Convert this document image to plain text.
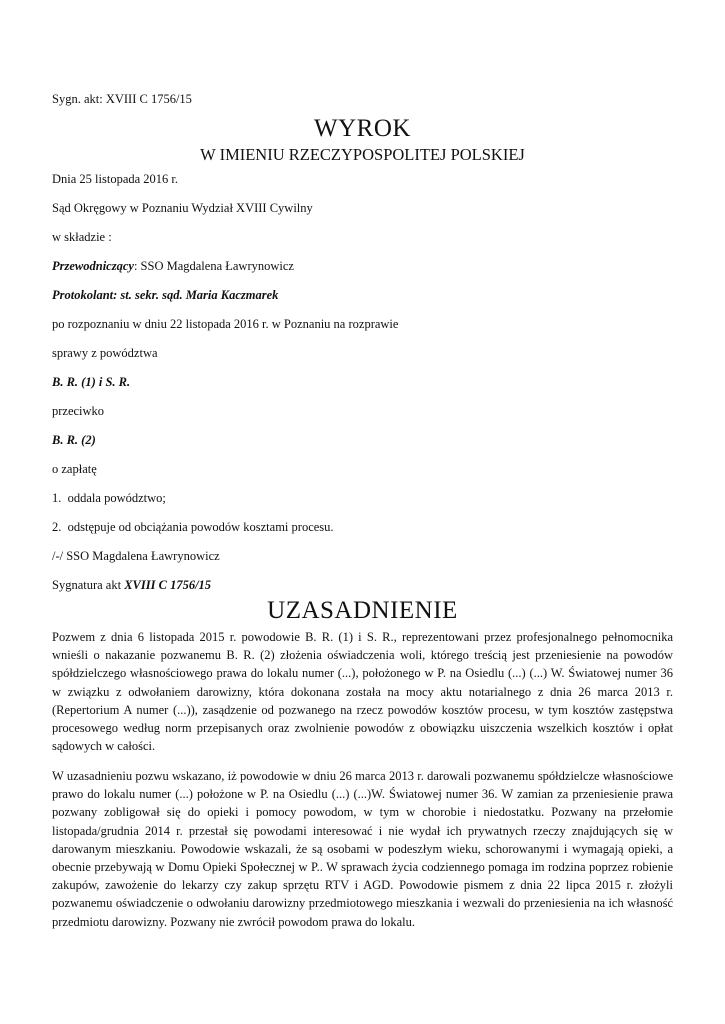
Sygn. akt: XVIII C 1756/15
WYROK
W IMIENIU RZECZYPOSPOLITEJ POLSKIEJ
Dnia 25 listopada 2016 r.
Sąd Okręgowy w Poznaniu Wydział XVIII Cywilny
w składzie :
Przewodniczący: SSO Magdalena Ławrynowicz
Protokolant: st. sekr. sąd. Maria Kaczmarek
po rozpoznaniu w dniu 22 listopada 2016 r. w Poznaniu na rozprawie
sprawy z powództwa
B. R. (1) i S. R.
przeciwko
B. R. (2)
o zapłatę
1.  oddala powództwo;
2.  odstępuje od obciążania powodów kosztami procesu.
/-/ SSO Magdalena Ławrynowicz
Sygnatura akt XVIII C 1756/15
UZASADNIENIE
Pozwem z dnia 6 listopada 2015 r. powodowie B. R. (1) i S. R., reprezentowani przez profesjonalnego pełnomocnika wnieśli o nakazanie pozwanemu B. R. (2) złożenia oświadczenia woli, którego treścią jest przeniesienie na powodów spółdzielczego własnościowego prawa do lokalu numer (...), położonego w P. na Osiedlu (...) (...) W. Światowej numer 36 w związku z odwołaniem darowizny, która dokonana została na mocy aktu notarialnego z dnia 26 marca 2013 r. (Repertorium A numer (...)), zasądzenie od pozwanego na rzecz powodów kosztów procesu, w tym kosztów zastępstwa procesowego według norm przepisanych oraz zwolnienie powodów z obowiązku uiszczenia wszelkich kosztów i opłat sądowych w całości.
W uzasadnieniu pozwu wskazano, iż powodowie w dniu 26 marca 2013 r. darowali pozwanemu spółdzielcze własnościowe prawo do lokalu numer (...) położone w P. na Osiedlu (...) (...)W. Światowej numer 36. W zamian za przeniesienie prawa pozwany zobligował się do opieki i pomocy powodom, w tym w chorobie i niedostatku. Pozwany na przełomie listopada/grudnia 2014 r. przestał się powodami interesować i nie wydał ich prywatnych rzeczy znajdujących się w darowanym mieszkaniu. Powodowie wskazali, że są osobami w podeszłym wieku, schorowanymi i wymagają opieki, a obecnie przebywają w Domu Opieki Społecznej w P.. W sprawach życia codziennego pomaga im rodzina poprzez robienie zakupów, zawożenie do lekarzy czy zakup sprzętu RTV i AGD. Powodowie pismem z dnia 22 lipca 2015 r. złożyli pozwanemu oświadczenie o odwołaniu darowizny przedmiotowego mieszkania i wezwali do przeniesienia na ich własność przedmiotu darowizny. Pozwany nie zwrócił powodom prawa do lokalu.
